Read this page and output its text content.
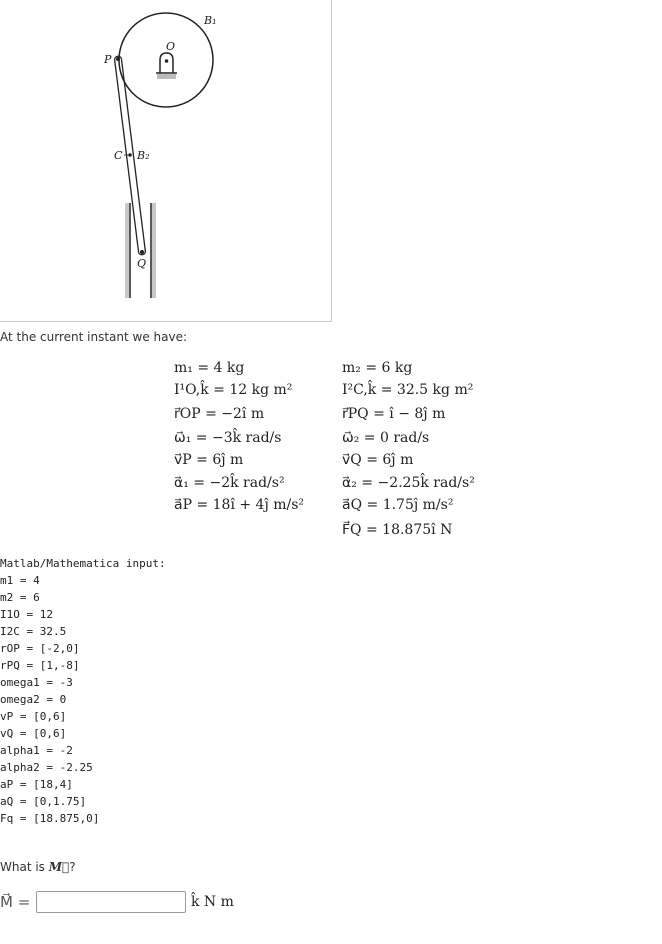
B₁
O
P
C B₂
Q
At the current instant we have:
m₁ = 4 kg
I¹O,k̂ = 12 kg m²
r⃗OP = −2î m
ω⃗₁ = −3k̂ rad/s
v⃗P = 6ĵ m
α⃗₁ = −2k̂ rad/s²
a⃗P = 18î + 4ĵ m/s²
m₂ = 6 kg
I²C,k̂ = 32.5 kg m²
r⃗PQ = î − 8ĵ m
ω⃗₂ = 0 rad/s
v⃗Q = 6ĵ m
α⃗₂ = −2.25k̂ rad/s²
a⃗Q = 1.75ĵ m/s²
F⃗Q = 18.875î N
Matlab/Mathematica input:
m1 = 4
m2 = 6
I1O = 12
I2C = 32.5
rOP = [-2,0]
rPQ = [1,-8]
omega1 = -3
omega2 = 0
vP = [0,6]
vQ = [0,6]
alpha1 = -2
alpha2 = -2.25
aP = [18,4]
aQ = [0,1.75]
Fq = [18.875,0]
What is M⃗?
M⃗ =	k̂ N m
